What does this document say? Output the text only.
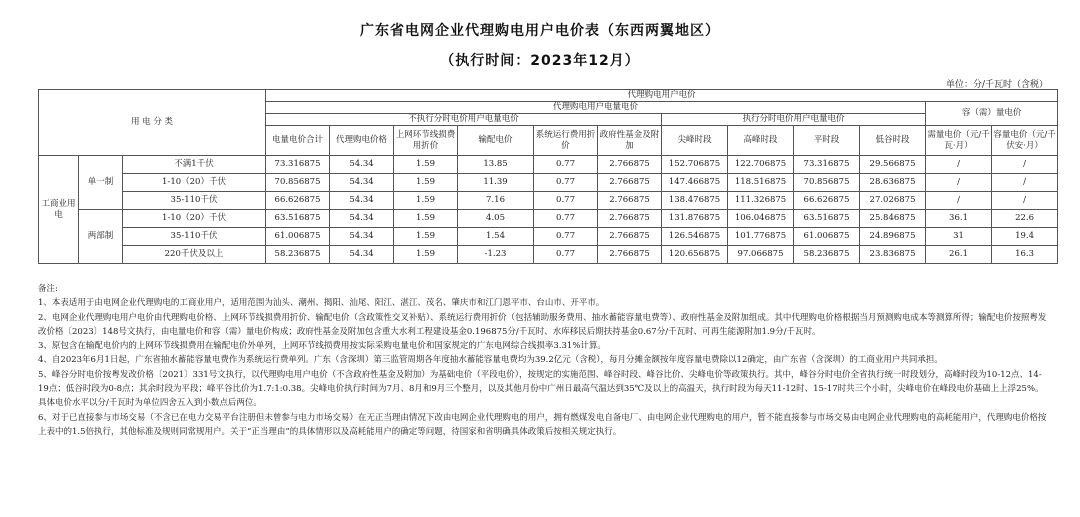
广东省电网企业代理购电用户电价表（东西两翼地区）
（执行时间：2023年12月）
单位：分/千瓦时（含税）
用 电 分 类			代理购电用户电价											
			代理购电用户电量电价										容（需）量电价	
			不执行分时电价用户电量电价						执行分时电价用户电量电价					
			电量电价合计	代理购电价格	上网环节线损费用折价	输配电价	系统运行费用折价	政府性基金及附加	尖峰时段	高峰时段	平时段	低谷时段	需量电价（元/千瓦·月）	容量电价（元/千伏安·月）
工商业用电	单一制	不满1千伏	73.316875	54.34	1.59	13.85	0.77	2.766875	152.706875	122.706875	73.316875	29.566875	/	/
		1-10（20）千伏	70.856875	54.34	1.59	11.39	0.77	2.766875	147.466875	118.516875	70.856875	28.636875	/	/
		35-110千伏	66.626875	54.34	1.59	7.16	0.77	2.766875	138.476875	111.326875	66.626875	27.026875	/	/
	两部制	1-10（20）千伏	63.516875	54.34	1.59	4.05	0.77	2.766875	131.876875	106.046875	63.516875	25.846875	36.1	22.6
		35-110千伏	61.006875	54.34	1.59	1.54	0.77	2.766875	126.546875	101.776875	61.006875	24.896875	31	19.4
		220千伏及以上	58.236875	54.34	1.59	-1.23	0.77	2.766875	120.656875	97.066875	58.236875	23.836875	26.1	16.3

备注:

1、本表适用于由电网企业代理购电的工商业用户，适用范围为汕头、潮州、揭阳、汕尾、阳江、湛江、茂名、肇庆市和江门恩平市、台山市、开平市。

2、电网企业代理购电用户电价由代理购电价格、上网环节线损费用折价、输配电价（含政策性交叉补贴）、系统运行费用折价（包括辅助服务费用、抽水蓄能容量电费等）、政府性基金及附加组成。其中代理购电价格根据当月预测购电成本等测算所得；输配电价按照粤发改价格〔2023〕148号文执行，由电量电价和容（需）量电价构成；政府性基金及附加包含重大水利工程建设基金0.196875分/千瓦时、水库移民后期扶持基金0.67分/千瓦时、可再生能源附加1.9分/千瓦时。

3、原包含在输配电价内的上网环节线损费用在输配电价外单列，上网环节线损费用按实际采购电量电价和国家规定的广东电网综合线损率3.31%计算。

4、自2023年6月1日起，广东省抽水蓄能容量电费作为系统运行费单列。广东（含深圳）第三监管周期各年度抽水蓄能容量电费均为39.2亿元（含税），每月分摊金额按年度容量电费除以12确定，由广东省（含深圳）的工商业用户共同承担。

5、峰谷分时电价按粤发改价格〔2021〕331号文执行，以代理购电用户电价（不含政府性基金及附加）为基础电价（平段电价），按规定的实施范围、峰谷时段、峰谷比价、尖峰电价等政策执行。其中，峰谷分时电价全省执行统一时段划分，高峰时段为10-12点、14-19点；低谷时段为0-8点；其余时段为平段；峰平谷比价为1.7:1:0.38。尖峰电价执行时间为7月、8月和9月三个整月，以及其他月份中广州日最高气温达到35℃及以上的高温天，执行时段为每天11-12时、15-17时共三个小时，尖峰电价在峰段电价基础上上浮25%。具体电价水平以分/千瓦时为单位四舍五入到小数点后两位。

6、对于已直接参与市场交易（不含已在电力交易平台注册但未曾参与电力市场交易）在无正当理由情况下改由电网企业代理购电的用户，拥有燃煤发电自备电厂、由电网企业代理购电的用户，暂不能直接参与市场交易由电网企业代理购电的高耗能用户，代理购电价格按上表中的1.5倍执行，其他标准及规则同常规用户。关于“正当理由”的具体情形以及高耗能用户的确定等问题，待国家和省明确具体政策后按相关规定执行。
